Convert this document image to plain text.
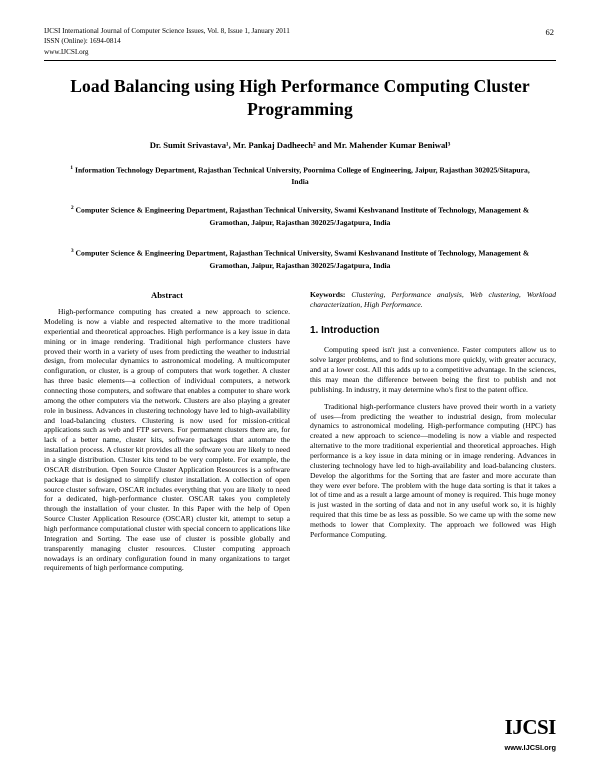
IJCSI International Journal of Computer Science Issues, Vol. 8, Issue 1, January 2011
ISSN (Online): 1694-0814
www.IJCSI.org
62
Load Balancing using High Performance Computing Cluster Programming
Dr. Sumit Srivastava¹, Mr. Pankaj Dadheech² and Mr. Mahender Kumar Beniwal³
$^1$ Information Technology Department, Rajasthan Technical University, Poornima College of Engineering, Jaipur, Rajasthan 302025/Sitapura, India
$^2$ Computer Science & Engineering Department, Rajasthan Technical University, Swami Keshvanand Institute of Technology, Management & Gramothan, Jaipur, Rajasthan 302025/Jagatpura, India
$^3$ Computer Science & Engineering Department, Rajasthan Technical University, Swami Keshvanand Institute of Technology, Management & Gramothan, Jaipur, Rajasthan 302025/Jagatpura, India
Abstract

High-performance computing has created a new approach to science. Modeling is now a viable and respected alternative to the more traditional experiential and theoretical approaches. High performance is a key issue in data mining or in image rendering. Traditional high performance clusters have proved their worth in a variety of uses from predicting the weather to industrial design, from molecular dynamics to astronomical modeling. A multicomputer configuration, or cluster, is a group of computers that work together. A cluster has three basic elements—a collection of individual computers, a network connecting those computers, and software that enables a computer to share work among the other computers via the network. Clusters are also playing a greater role in business. Advances in clustering technology have led to high-availability and load-balancing clusters. Clustering is now used for mission-critical applications such as web and FTP servers. For permanent clusters there are, for lack of a better name, cluster kits, software packages that automate the installation process. A cluster kit provides all the software you are likely to need in a single distribution. Cluster kits tend to be very complete. For example, the OSCAR distribution. Open Source Cluster Application Resources is a software package that is designed to simplify cluster installation. A collection of open source cluster software, OSCAR includes everything that you are likely to need for a dedicated, high-performance cluster. OSCAR takes you completely through the installation of your cluster. In this Paper with the help of Open Source Cluster Application Resource (OSCAR) cluster kit, attempt to setup a high performance computational cluster with special concern to applications like Integration and Sorting. The ease use of cluster is possible globally and transparently managing cluster resources. Cluster computing approach nowadays is an ordinary configuration found in many organizations to target requirements of high performance computing.

Keywords: Clustering, Performance analysis, Web clustering, Workload characterization, High Performance.

1. Introduction

Computing speed isn't just a convenience. Faster computers allow us to solve larger problems, and to find solutions more quickly, with greater accuracy, and at a lower cost. All this adds up to a competitive advantage. In the sciences, this may mean the difference between being the first to publish and not publishing. In industry, it may determine who's first to the patent office.

Traditional high-performance clusters have proved their worth in a variety of uses—from predicting the weather to industrial design, from molecular dynamics to astronomical modeling. High-performance computing (HPC) has created a new approach to science—modeling is now a viable and respected alternative to the more traditional experiential and theoretical approaches. High performance is a key issue in data mining or in image rendering. Advances in clustering technology have led to high-availability and load-balancing clusters. Develop the algorithms for the Sorting that are faster and more accurate than they were ever before. The problem with the huge data sorting is that it takes a lot of time and as a result a large amount of money is required. This huge money is just wasted in the sorting of data and not in any useful work so, it is highly required that this time be as less as possible. So we came up with the some new methods to lower that Complexity. The approach we followed was High Performance Computing.

IJCSI
www.IJCSI.org
